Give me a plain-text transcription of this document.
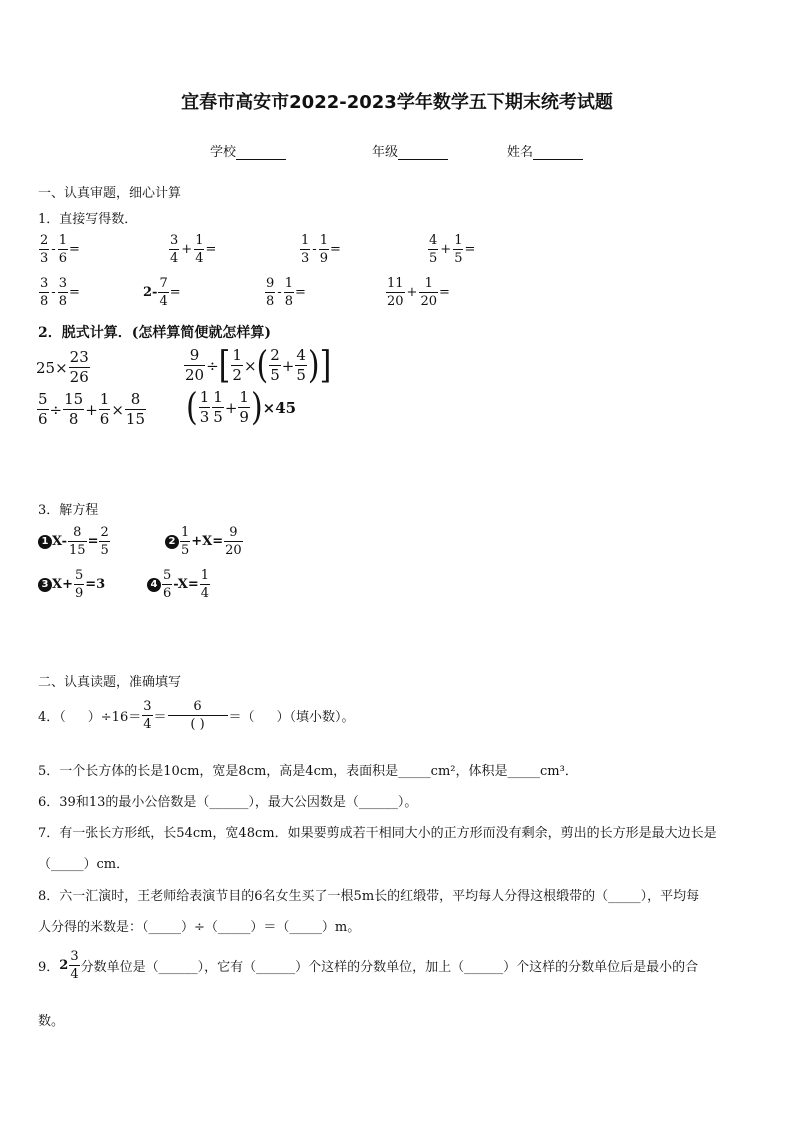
宜春市高安市2022-2023学年数学五下期末统考试题
学校	年级	姓名
一、认真审题，细心计算
1．直接写得数．
$\frac{2}{3} - \frac{1}{6}$ =	$\frac{3}{4} + \frac{1}{4}$ =	$\frac{1}{3} - \frac{1}{9}$ =	$\frac{4}{5} + \frac{1}{5}$ =
$\frac{3}{8} - \frac{3}{8}$ =	$2- \frac{7}{4}$ =	$\frac{9}{8} - \frac{1}{8}$ =	$\frac{11}{20} + \frac{1}{20}$ =
2．脱式计算．(怎样算简便就怎样算)
$25\times \frac{23}{26}$	$\frac{9}{20}$ ÷ [ $\frac{1}{2}$ × ( $\frac{2}{5} + \frac{4}{5}$ ) ]
$\frac{5}{6} \div \frac{15}{8} + \frac{1}{6} \times \frac{8}{15}$ ( $\frac{1}{3} \frac{1}{5} + \frac{1}{9}$ ) ×45
3．解方程
1 $X- \frac{8}{15} = \frac{2}{5}$	$2 \frac{1}{5} +X= \frac{9}{20}$
3 $X+ \frac{5}{9} =3$	$4 \frac{5}{6} -X= \frac{1}{4}$
二、认真读题，准确填写
4．（ ）$\div 16= \frac{3}{4} = \frac{6}{( )}$ ＝（ ）（填小数）。
5．一个长方体的长是10cm，宽是8cm，高是4cm，表面积是_____cm²，体积是_____cm³．
6．39和13的最小公倍数是（______），最大公因数是（______）。
7．有一张长方形纸，长54cm，宽48cm．如果要剪成若干相同大小的正方形而没有剩余，剪出的长方形是最大边长是
（_____）cm．
8．六一汇演时，王老师给表演节目的6名女生买了一根5m长的红缎带，平均每人分得这根缎带的（_____），平均每
人分得的米数是：（_____）÷（_____）＝（_____）m。
9． $2 \frac{3}{4}$ 分数单位是（______），它有（______）个这样的分数单位，加上（______）个这样的分数单位后是最小的合
数。
